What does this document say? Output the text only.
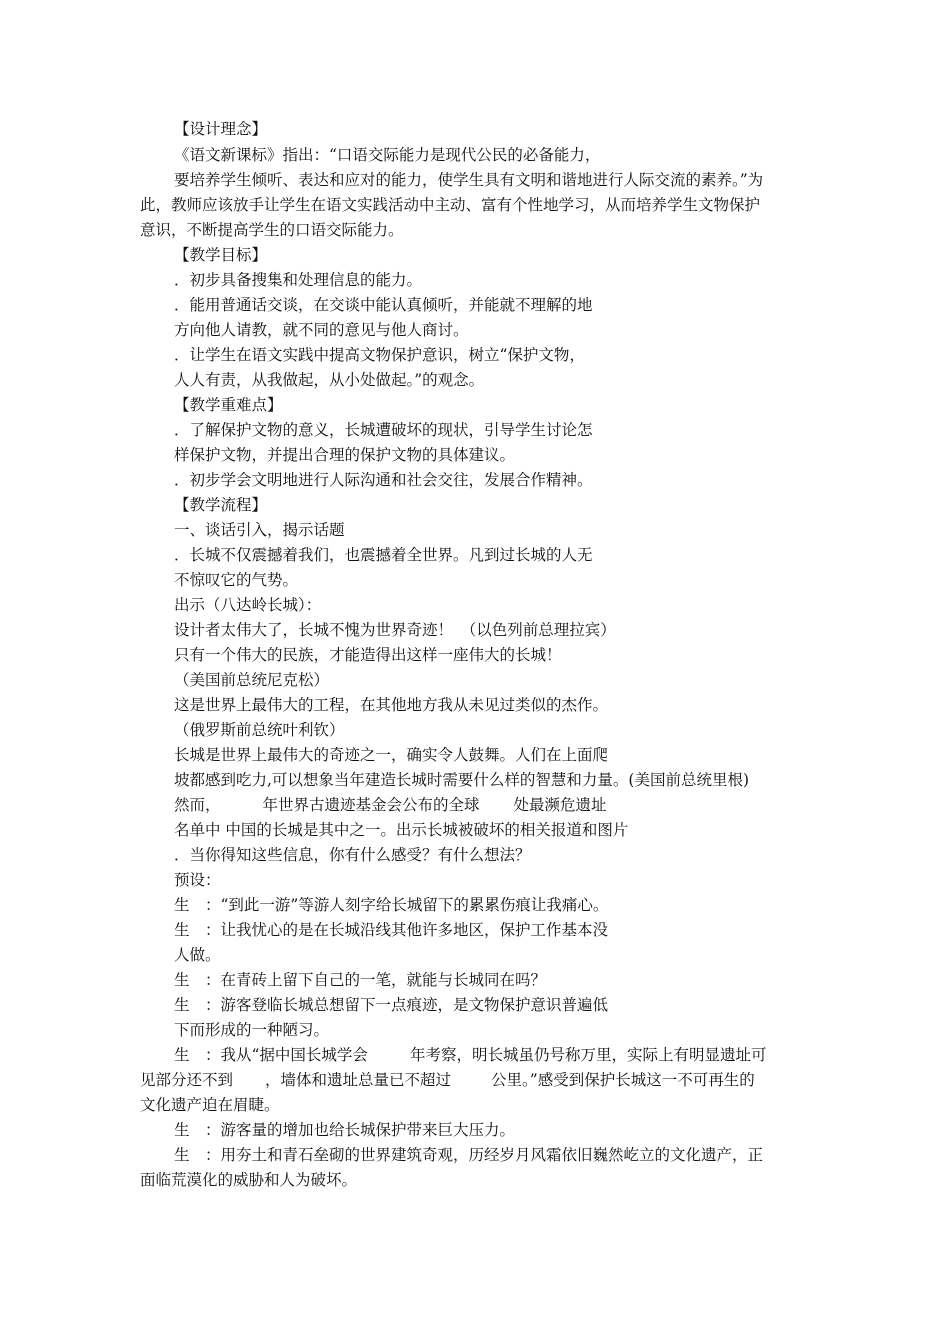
【设计理念】
《语文新课标》指出：“口语交际能力是现代公民的必备能力，
要培养学生倾听、表达和应对的能力，使学生具有文明和谐地进行人际交流的素养。”为
此，教师应该放手让学生在语文实践活动中主动、富有个性地学习，从而培养学生文物保护
意识，不断提高学生的口语交际能力。
【教学目标】
．初步具备搜集和处理信息的能力。
．能用普通话交谈，在交谈中能认真倾听，并能就不理解的地
方向他人请教，就不同的意见与他人商讨。
．让学生在语文实践中提高文物保护意识，树立“保护文物，
人人有责，从我做起，从小处做起。”的观念。
【教学重难点】
．了解保护文物的意义，长城遭破坏的现状，引导学生讨论怎
样保护文物，并提出合理的保护文物的具体建议。
．初步学会文明地进行人际沟通和社会交往，发展合作精神。
【教学流程】
一、谈话引入，揭示话题
．长城不仅震撼着我们，也震撼着全世界。凡到过长城的人无
不惊叹它的气势。
出示（八达岭长城）：
设计者太伟大了，长城不愧为世界奇迹！　（以色列前总理拉宾）
只有一个伟大的民族，才能造得出这样一座伟大的长城！
（美国前总统尼克松）
这是世界上最伟大的工程，在其他地方我从未见过类似的杰作。
（俄罗斯前总统叶利钦）
长城是世界上最伟大的奇迹之一，确实令人鼓舞。人们在上面爬
坡都感到吃力,可以想象当年建造长城时需要什么样的智慧和力量。(美国前总统里根)
然而，	年世界古遗迹基金会公布的全球 处最濒危遗址
名单中 中国的长城是其中之一。出示长城被破坏的相关报道和图片
．当你得知这些信息，你有什么感受？有什么想法？
预设：
生　：“到此一游”等游人刻字给长城留下的累累伤痕让我痛心。
生　：让我忧心的是在长城沿线其他许多地区，保护工作基本没
人做。
生　：在青砖上留下自己的一笔，就能与长城同在吗？
生　：游客登临长城总想留下一点痕迹，是文物保护意识普遍低
下而形成的一种陋习。
生　：我从“据中国长城学会	年考察，明长城虽仍号称万里，实际上有明显遗址可
见部分还不到 ，墙体和遗址总量已不超过	公里。”感受到保护长城这一不可再生的
文化遗产迫在眉睫。
生　：游客量的增加也给长城保护带来巨大压力。
生　：用夯土和青石垒砌的世界建筑奇观，历经岁月风霜依旧巍然屹立的文化遗产，正
面临荒漠化的威胁和人为破坏。
